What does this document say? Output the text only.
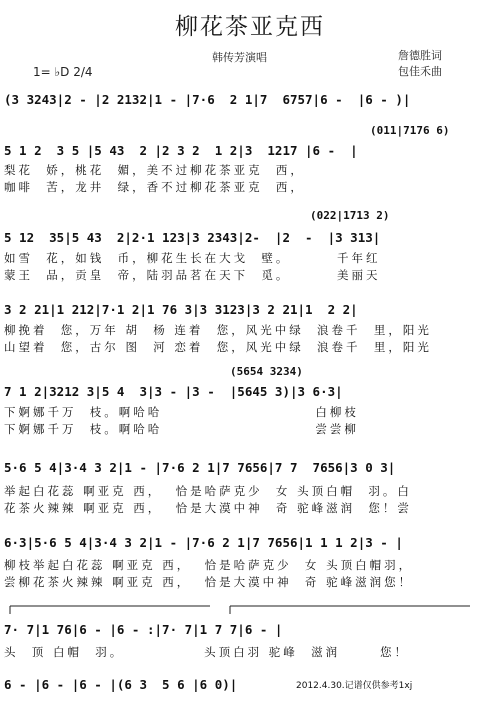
柳花茶亚克西
韩传芳演唱	詹德胜词
包佳禾曲
1= ♭D 2/4
(3 3243|2 - |2 2132|1 - |7·6  2 1|7  6757|6 -  |6 - )|
(011|7176 6)
5 1 2  3 5 |5 43  2 |2 3 2  1 2|3  1217 |6 -  |
梨花  娇，桃花  媚，美不过柳花茶亚克  西，
咖啡  苦，龙井  绿，香不过柳花茶亚克  西，
(022|1713 2)
5 12  35|5 43  2|2·1 123|3 2343|2-  |2  -  |3 313|
如雪  花，如钱  币，柳花生长在大戈  壁。       千年红
蒙王  品，贡皇  帝，陆羽品茗在天下  觅。       美丽天
3 2 21|1 212|7·1 2|1 76 3|3 3123|3 2 21|1  2 2|
柳挽着  您，万年 胡  杨 连着  您，风光中绿  浪卷千  里，阳光
山望着  您，古尔 图  河 恋着  您，风光中绿  浪卷千  里，阳光
(5654 3234)
7 1 2|3212 3|5 4  3|3 - |3 -  |5645 3)|3 6·3|
下婀娜千万  枝。啊哈哈                       白柳枝
下婀娜千万  枝。啊哈哈                       尝尝柳
5·6 5 4|3·4 3 2|1 - |7·6 2 1|7 7656|7 7  7656|3 0 3|
举起白花蕊 啊亚克 西，  恰是哈萨克少  女 头顶白帽  羽。白
花茶火辣辣 啊亚克 西，  恰是大漠中神  奇 驼峰滋润  您！尝
6·3|5·6 5 4|3·4 3 2|1 - |7·6 2 1|7 7656|1 1 1 2|3 - |
柳枝举起白花蕊 啊亚克 西，  恰是哈萨克少  女 头顶白帽羽，
尝柳花茶火辣辣 啊亚克 西，  恰是大漠中神  奇 驼峰滋润您！
7· 7|1 76|6 - |6 - :|7· 7|1 7 7|6 - |
头  顶 白帽  羽。            头顶白羽 驼峰  滋润      您！
6 - |6 - |6 - |(6 3  5 6 |6 0)|	2012.4.30.记谱仅供参考1xj
